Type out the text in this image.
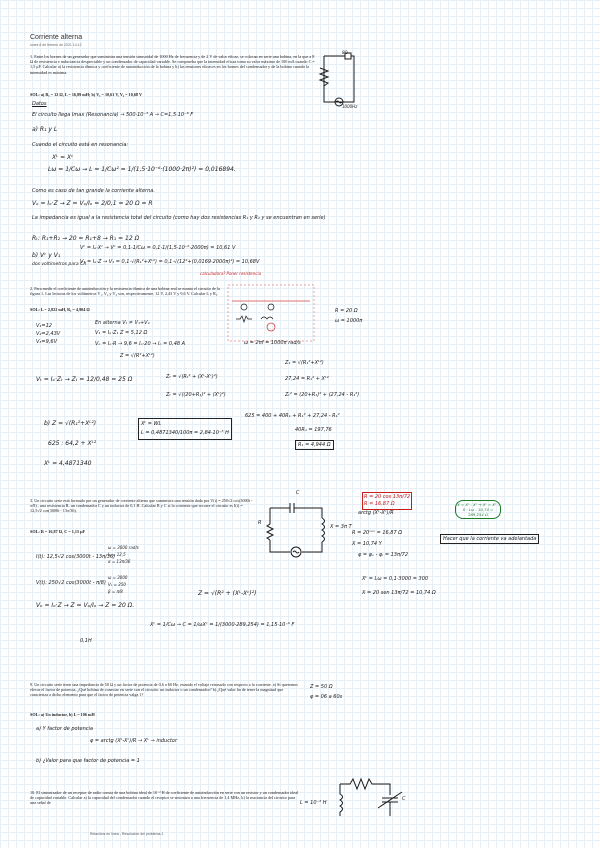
Corriente alterna
lunes 8 de febrero de 2021 14:12
1. Entre los bornes de un generador que suministra una tensión sinusoidal de 1000 Hz de frecuencia y de 2 V de valor eficaz, se colocan en serie una bobina, en la que a 8 Ω de resistencia e inductancia despreciable y un condensador de capacidad variable. Se comprueba que la intensidad eficaz toma su valor máximo de 100 mA cuando C = 1,5 μF. Calcular a) la resistencia óhmica y coeficiente de autoinducción de la bobina y b) las tensiones eficaces en los bornes del condensador y de la bobina cuando la intensidad es máxima.
SOL: a) R₁ = 12 Ω, L = 16,89 mH; b) V₁ = 10,61 V, V₂ = 10,68 V
Datos
El circuito llega Imax (Resonancia) → 500·10⁻³ A → C=1,5·10⁻⁶ F
a) R₁ y L
Cuando el circuito está en resonancia:
Xᴸ = Xᶜ
Lω = 1/Cω → L = 1/Cω² = 1/(1,5·10⁻⁶·(1000·2π)²) = 0,016894.
Como es caso de tan grande la corriente alterna.
Vₒ = Iₒ·Z → Z = Vₒ/Iₒ = 2/0,1 = 20 Ω = R
La impedancia es igual a la resistencia total del circuito (como hay dos resistencias R₁ y R₂ y se encuentran en serie)
Rₜ: R₁+R₂ → 20 = R₁+8 → R₁ = 12 Ω
b) Vᶜ y V₁
Vᶜ = Iₑ·Xᶜ → Vᶜ = 0,1·1/Cω = 0,1·1/(1,5·10⁻⁶·2000π) = 10,61 V
V₁ = Iₑ·Z → V₁ = 0,1·√(R₁²+Xᴸ²) = 0,1·√(12²+(0,0169·2000π)²) = 10,68V
dos voltímetros para CA
calculadora? Poner resistencia
8Ω
1000Hz
2. Para medir el coeficiente de autoinducción y la resistencia óhmica de una bobina real se monta el circuito de la figura 1. Las lecturas de los voltímetros V₁, V₂ y V₃ son, respectivamente, 12 V, 2,43 V y 9,6 V. Calcular L y R₁.
SOL: L = 2,822 mH, R₁ = 4,904 Ω
En alterna Vₜ ≠ V₁+V₂
V₁ = Iₑ·Z₁ Z = 5,12 Ω
Vₒ = Iₒ·R → 9,6 = Iₒ·20 → Iₒ = 0,48 A
V₁=12
V₂=2,43V
V₃=9,6V
Z = √(R²+Xᴸ²)
Vₜ = Iₒ·Zₜ → Zₜ = 12/0,48 = 25 Ω	Zₜ = √(Rₜ² + (Xᴸ-Xᶜ)²)
Zₜ = √((20+R₁)² + (Xᴸ)²)
b) Z = √(R₁²+Xᴸ²)
625 : 64,2 + Xᴸ²
Xᴸ = 4,4871340
Xᴸ = WL
L = 0,4871340/100π = 2,84·10⁻³ H
R = 20 Ω
ω = 1000π
ω = 2πf = 1000π rad/s
Z₁ = √(R₁²+Xᴸ²)
27,24 = R₁² + Xᴸ²
Zₜ² = (20+R₁)² + (27,24 - R₁²)
625 = 400 + 40R₁ + R₁² + 27,24 - R₁²
40R₁ = 197,76
R₁ = 4,944 Ω
3. Un circuito serie está formado por un generador de corriente alterna que suministra una tensión dada por V(t) = 250√2 cos(3000t - π/8) , una resistencia R, un condensador C y un inductor de 0,1 H. Calcular R y C si la corriente que recorre el circuito es I(t) = 12,5√2 cos(3000t - 13π/36).
SOL: R = 16,87 Ω, C = 1,15 μF
C
R
X = 3π T
I(t): 12,5√2 cos(3000t - 13π/36)
ω = 3000 rad/s
Iₒ = 12,5
α = 13π/36
V(t): 250√2 cos(3000t - π/8)
ω = 3000
Vₒ = 250
β = π/8
Vₒ = Iₒ·Z → Z = Vₒ/Iₒ → Z = 20 Ω.
Z = √(R² + (Xᴸ-Xᶜ)²)
R = 20 cos 13π/72
R = 16,87 Ω
arctg (Xᴸ-Xᶜ)/R
R = 20ᶜᵒˢ = 16,87 Ω
X = 10,74 Y
φ = φᵥ - φᵢ = 13π/72
Hacer que la corriente va adelantada
X = Xᴸ - Xᶜ → Xᶜ = Xᴸ - X : Lω - 10,74 = 289,254 Ω
Xᴸ = Lω = 0,1·3000 = 300
X = 20 sen 13π/72 = 10,74 Ω
Xᶜ = 1/Cω → C = 1/ωXᶜ = 1/(3000·289,254) = 1,15·10⁻⁶ F
0,1H
9. Un circuito serie tiene una impedancia de 50 Ω y un factor de potencia de 0,6 a 60 Hz, estando el voltaje retrasado con respecto a la corriente. a) Si queremos elevar el factor de potencia, ¿Qué bobina de conectar en serie con el circuito: un inductor o un condensador? b) ¿Qué valor ha de tener la magnitud que caracteriza a dicho elemento para que el factor de potencia valga 1?
SOL: a) Un inductor, b) L = 106 mH
Z = 50 Ω
φ = 06 a 60s
a) Y factor de potencia
φ = arctg (Xᴸ-Xᶜ)/R → Xᴸ → inductor
b) ¿Valor para que factor de potencia = 1
10. El sintonizador de un receptor de radio consta de una bobina ideal de 10⁻³ H de coeficiente de autoinducción en serie con un resistor y un condensador ideal de capacidad variable. Calcular a) la capacidad del condensador cuando el receptor se sintoniza a una frecuencia de 1,4 MHz, b) la reactancia del circuito para una señal de	L = 10⁻³ H
C
Relacións en línea - Resolución del problema 1
